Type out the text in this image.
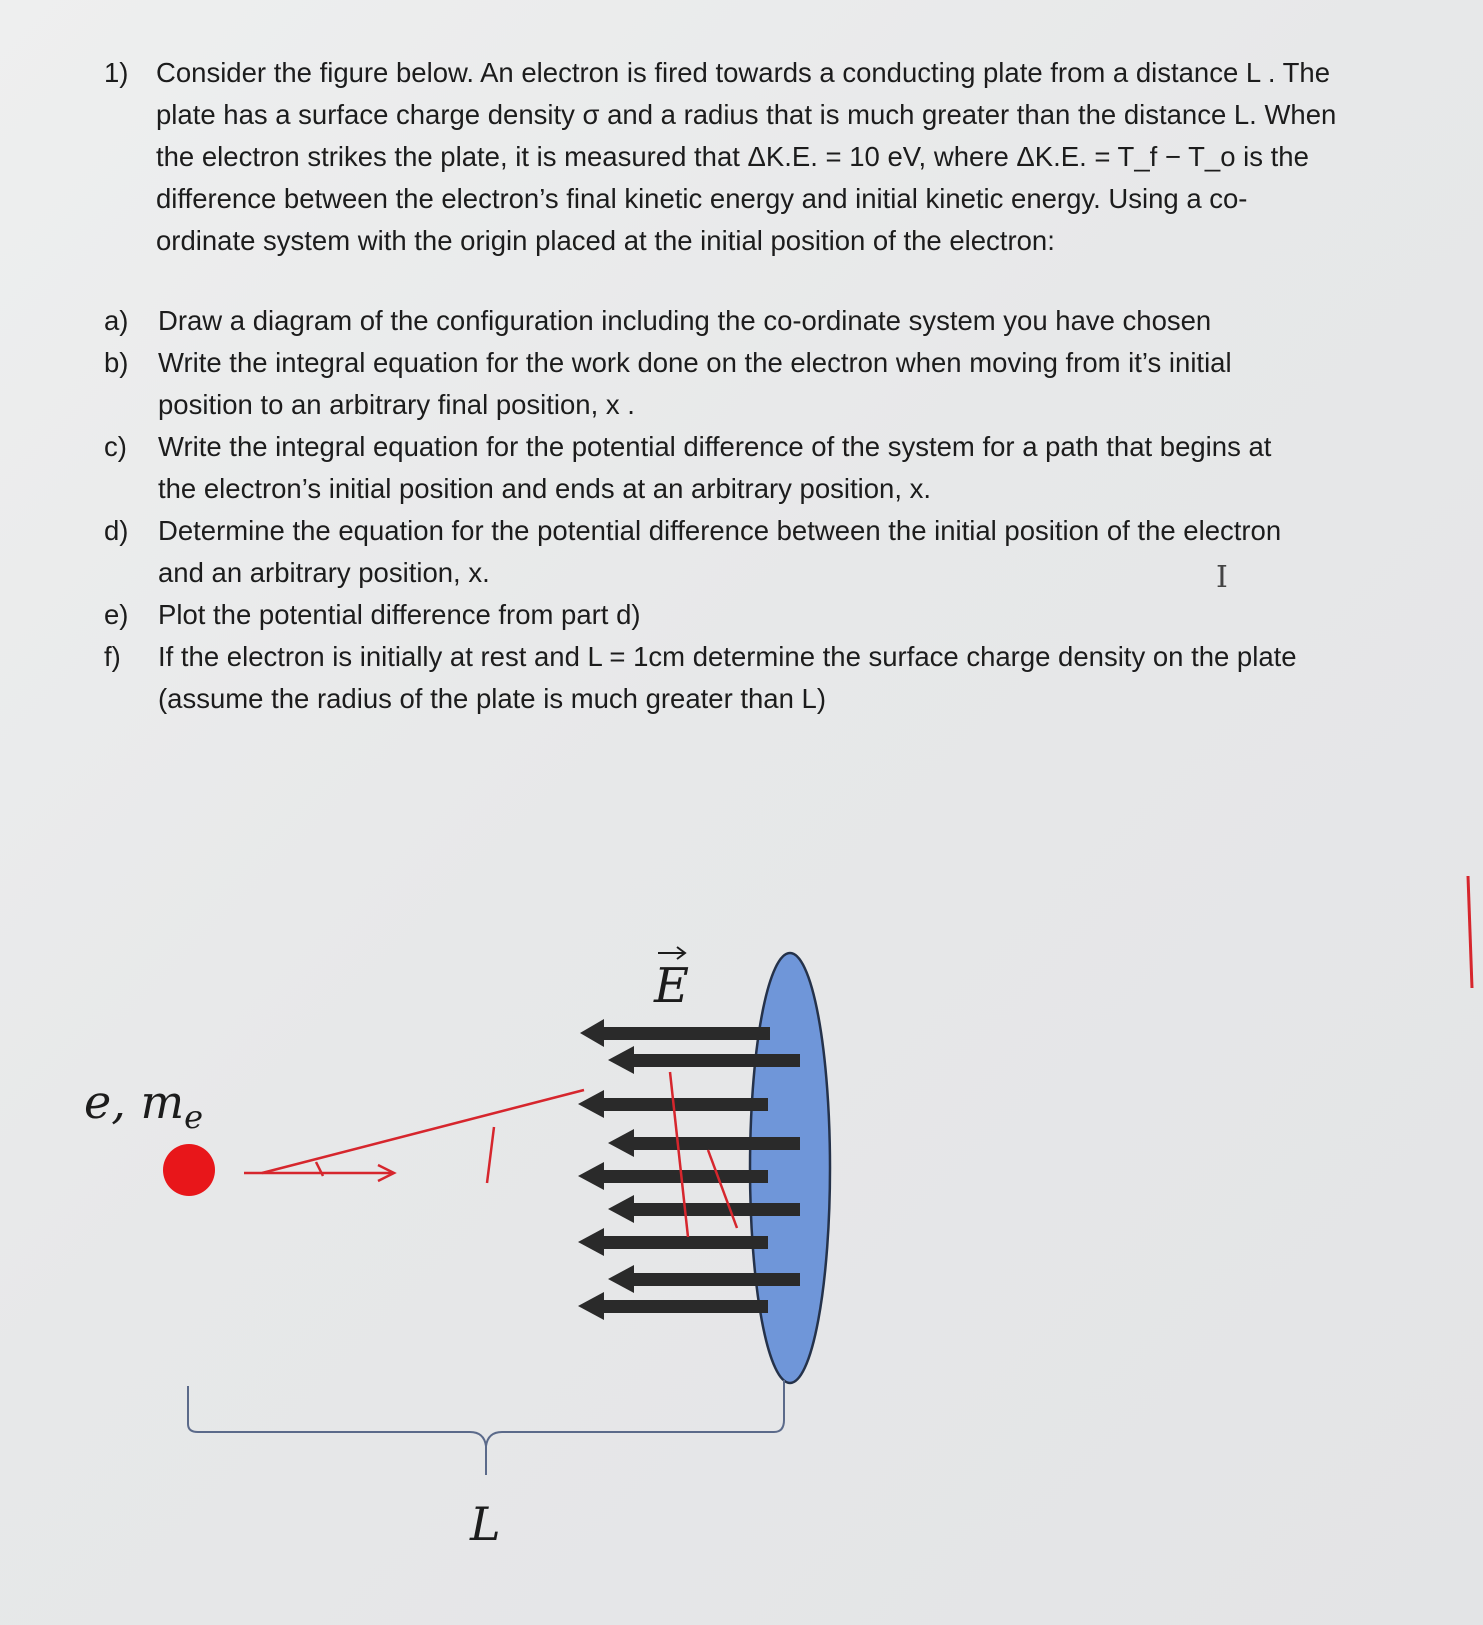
1)	Consider the figure below. An electron is fired towards a conducting plate from a distance L . The
plate has a surface charge density σ and a radius that is much greater than the distance L. When
the electron strikes the plate, it is measured that ΔK.E. = 10 eV, where ΔK.E. = T_f − T_o is the
difference between the electron’s final kinetic energy and initial kinetic energy. Using a co-
ordinate system with the origin placed at the initial position of the electron:
a)	Draw a diagram of the configuration including the co-ordinate system you have chosen
b)	Write the integral equation for the work done on the electron when moving from it’s initial
position to an arbitrary final position, x .
c)	Write the integral equation for the potential difference of the system for a path that begins at
the electron’s initial position and ends at an arbitrary position, x.
d)	Determine the equation for the potential difference between the initial position of the electron
and an arbitrary position, x.
e)	Plot the potential difference from part d)
f)	If the electron is initially at rest and L = 1cm determine the surface charge density on the plate
(assume the radius of the plate is much greater than L)
I
E
e, $m_e$
L
